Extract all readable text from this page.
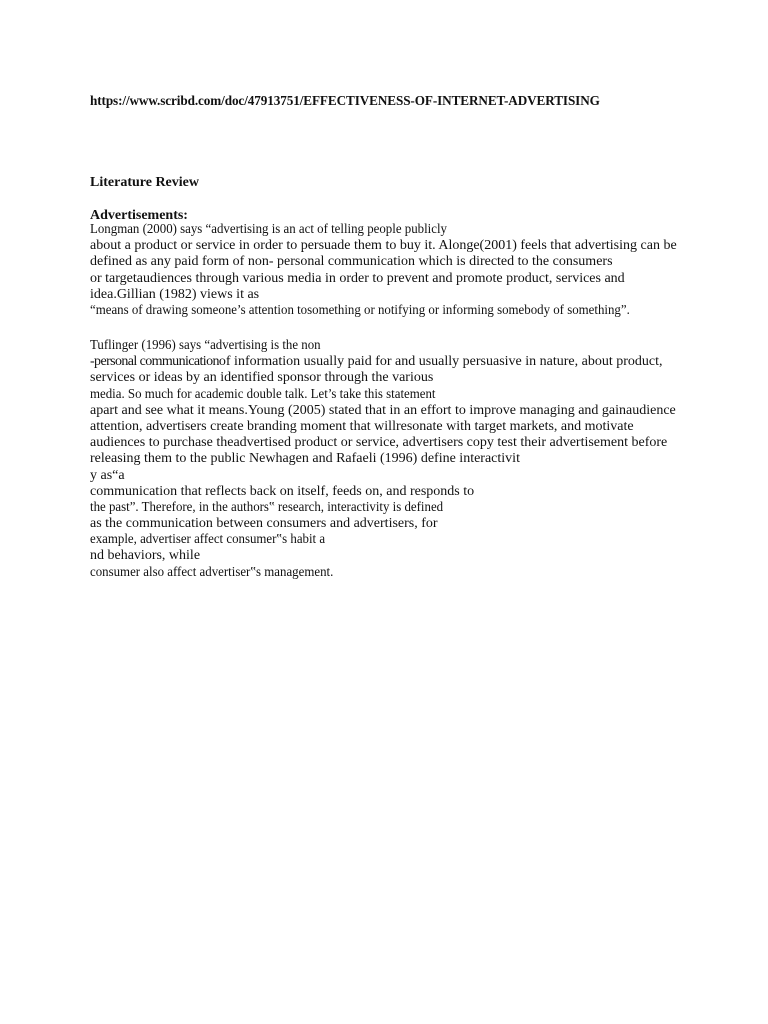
https://www.scribd.com/doc/47913751/EFFECTIVENESS-OF-INTERNET-ADVERTISING
Literature Review
Advertisements:
Longman (2000) says “advertising is an act of telling people publicly
about a product or service in order to persuade them to buy it. Alonge(2001) feels that advertising can be
defined as any paid form of non- personal communication which is directed to the consumers
or targetaudiences through various media in order to prevent and promote product, services and
idea.Gillian (1982) views it as
“means of drawing someone’s attention tosomething or notifying or informing somebody of something”.
Tuflinger (1996) says “advertising is the non
-personal communicationof information usually paid for and usually persuasive in nature, about product,
services or ideas by an identified sponsor through the various
media. So much for academic double talk. Let’s take this statement
apart and see what it means.Young (2005) stated that in an effort to improve managing and gainaudience
attention, advertisers create branding moment that willresonate with target markets, and motivate
audiences to purchase theadvertised product or service, advertisers copy test their advertisement before
releasing them to the public Newhagen and Rafaeli (1996) define interactivit
y as“a
communication that reflects back on itself, feeds on, and responds to
the past”. Therefore, in the authors‟ research, interactivity is defined
as the communication between consumers and advertisers, for
example, advertiser affect consumer‟s habit a
nd behaviors, while
consumer also affect advertiser‟s management.
